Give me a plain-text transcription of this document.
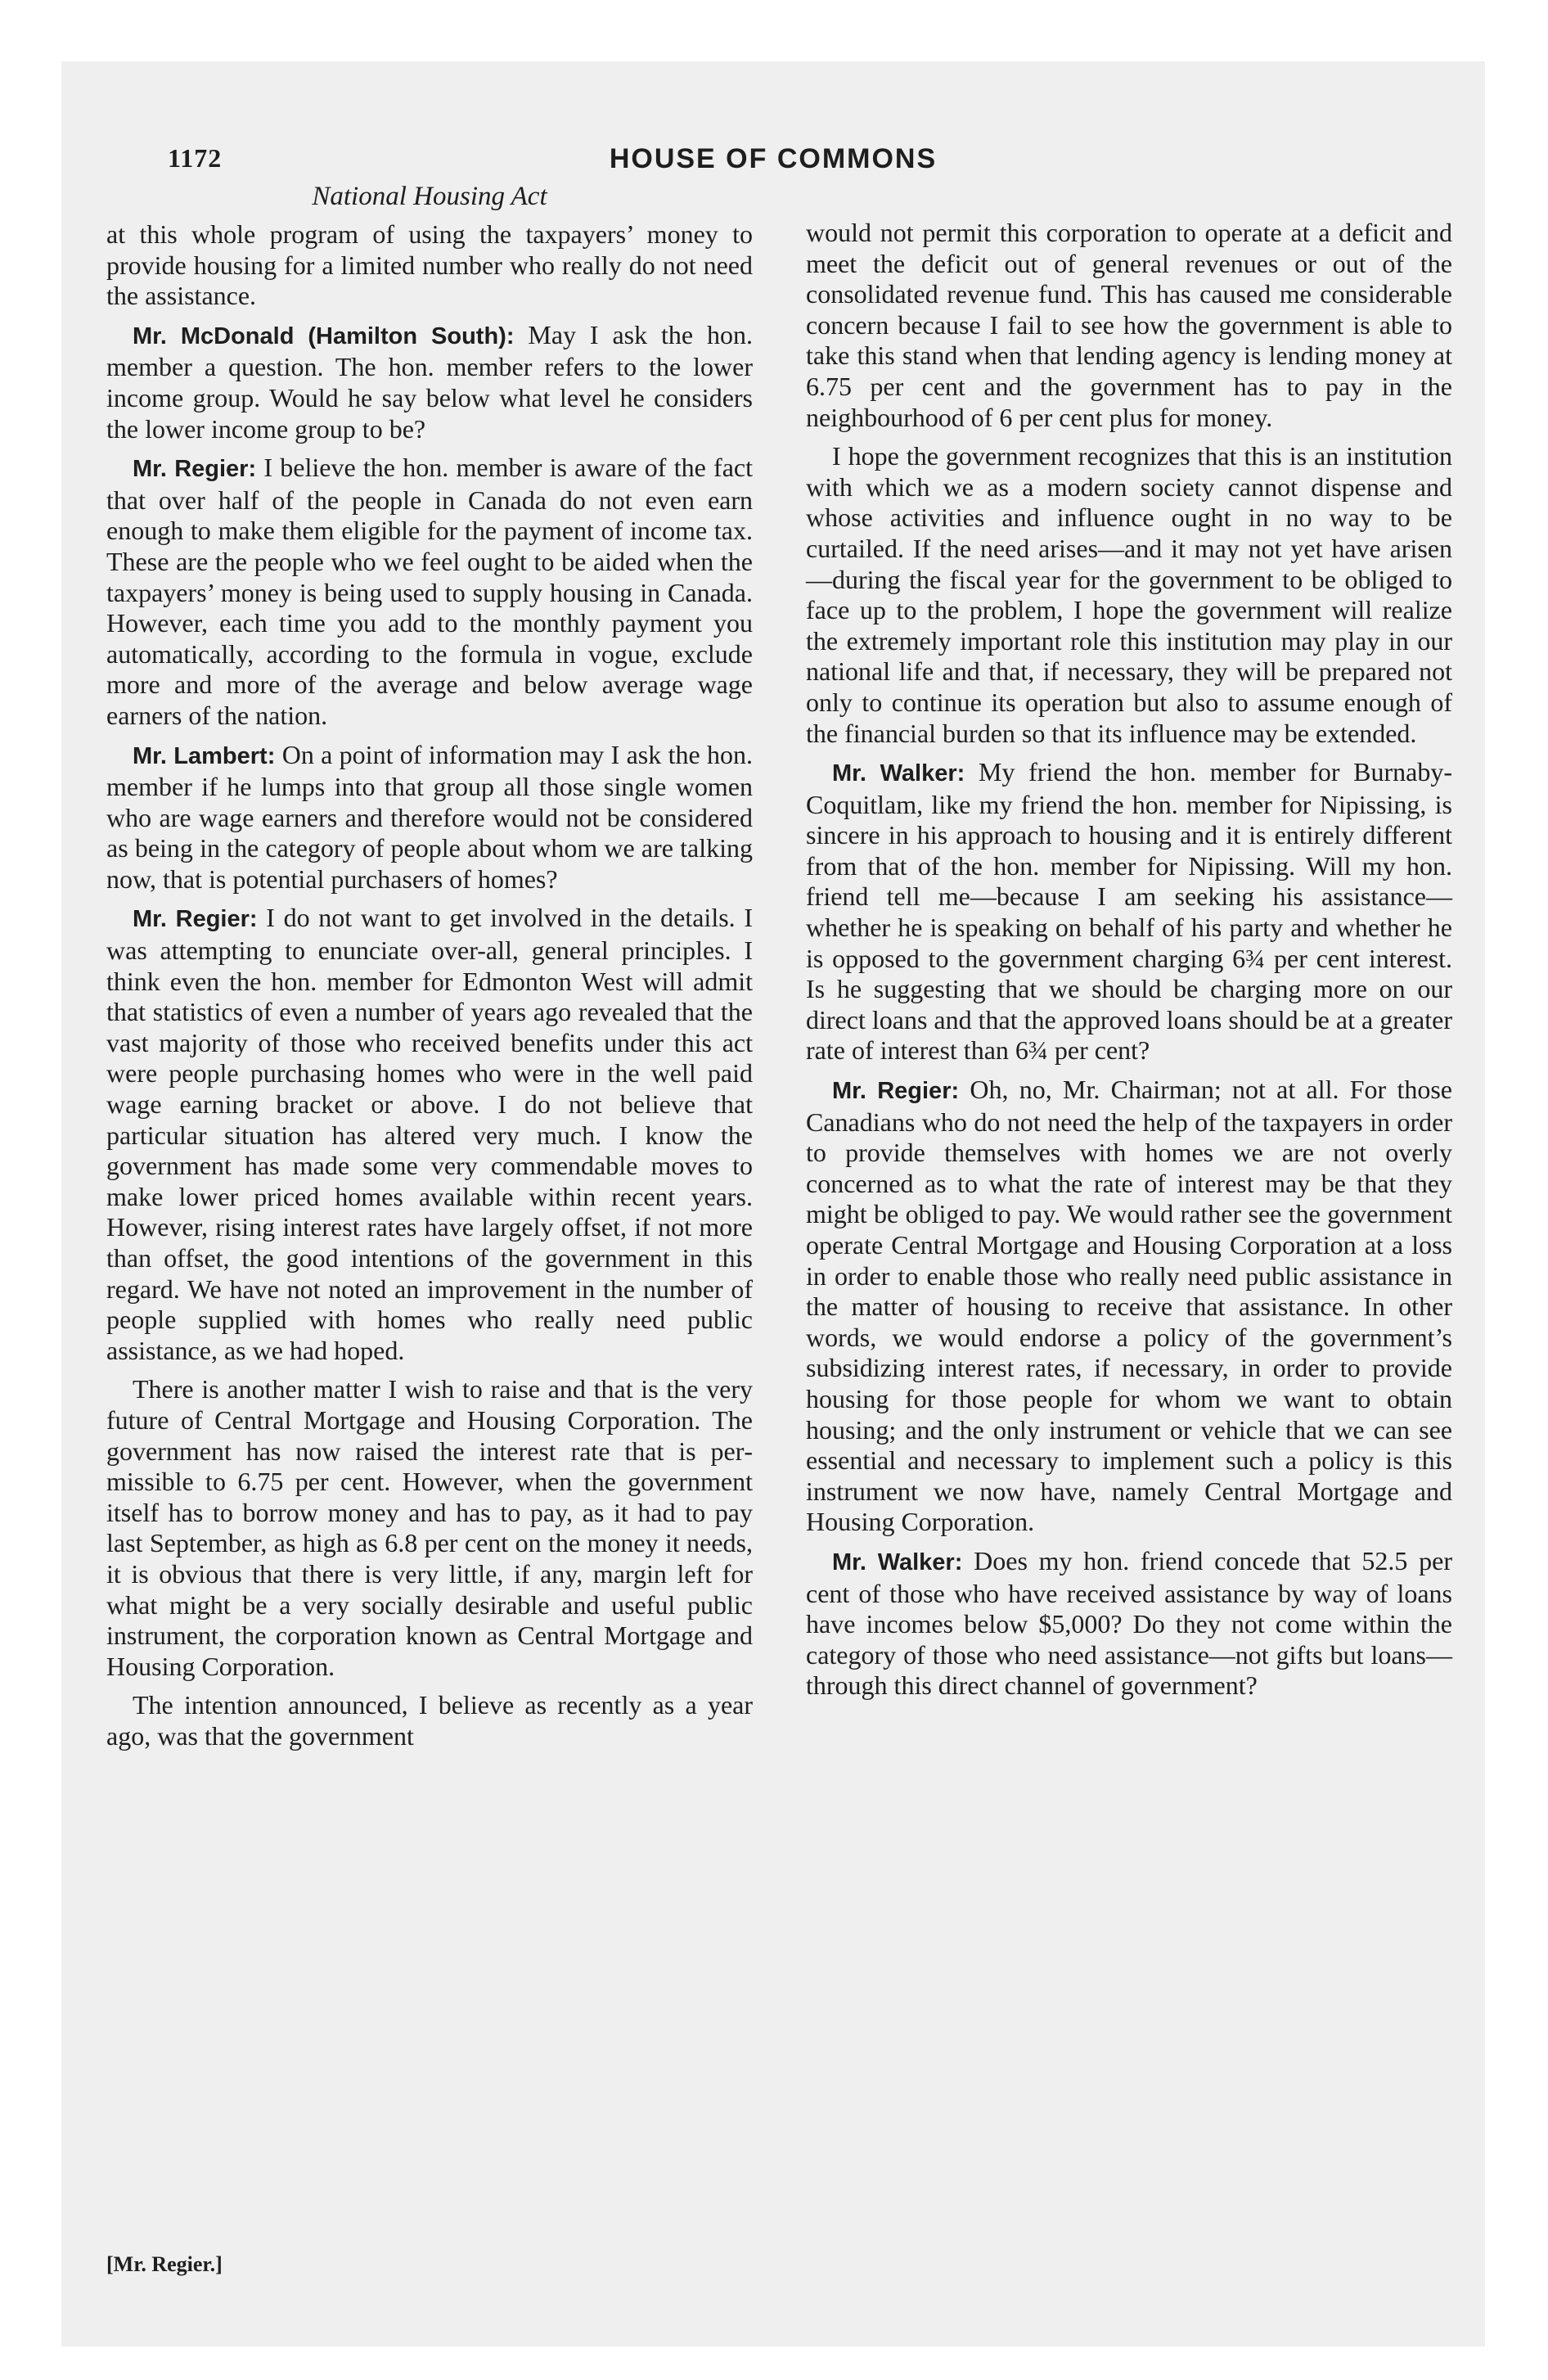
1172	HOUSE OF COMMONS
National Housing Act

at this whole program of using the taxpayers’ money to provide housing for a limited number who really do not need the assistance.

Mr. McDonald (Hamilton South): May I ask the hon. member a question. The hon. member refers to the lower income group. Would he say below what level he considers the lower income group to be?

Mr. Regier: I believe the hon. member is aware of the fact that over half of the people in Canada do not even earn enough to make them eligible for the payment of income tax. These are the people who we feel ought to be aided when the taxpayers’ money is being used to supply housing in Canada. However, each time you add to the monthly payment you automatically, according to the formula in vogue, exclude more and more of the average and below average wage earners of the nation.

Mr. Lambert: On a point of information may I ask the hon. member if he lumps into that group all those single women who are wage earners and therefore would not be considered as being in the category of people about whom we are talking now, that is potential purchasers of homes?

Mr. Regier: I do not want to get involved in the details. I was attempting to enunciate over-all, general principles. I think even the hon. member for Edmonton West will admit that statistics of even a number of years ago revealed that the vast majority of those who received benefits under this act were people purchasing homes who were in the well paid wage earning bracket or above. I do not believe that particular situation has altered very much. I know the government has made some very commendable moves to make lower priced homes available within recent years. However, rising interest rates have largely offset, if not more than offset, the good intentions of the government in this regard. We have not noted an improvement in the number of people supplied with homes who really need public assistance, as we had hoped.

There is another matter I wish to raise and that is the very future of Central Mortgage and Housing Corporation. The government has now raised the interest rate that is permissible to 6.75 per cent. However, when the government itself has to borrow money and has to pay, as it had to pay last September, as high as 6.8 per cent on the money it needs, it is obvious that there is very little, if any, margin left for what might be a very socially desirable and useful public instrument, the corporation known as Central Mortgage and Housing Corporation.

The intention announced, I believe as recently as a year ago, was that the government

would not permit this corporation to operate at a deficit and meet the deficit out of general revenues or out of the consolidated revenue fund. This has caused me considerable concern because I fail to see how the government is able to take this stand when that lending agency is lending money at 6.75 per cent and the government has to pay in the neighbourhood of 6 per cent plus for money.

I hope the government recognizes that this is an institution with which we as a modern society cannot dispense and whose activities and influence ought in no way to be curtailed. If the need arises—and it may not yet have arisen—during the fiscal year for the government to be obliged to face up to the problem, I hope the government will realize the extremely important role this institution may play in our national life and that, if necessary, they will be prepared not only to continue its operation but also to assume enough of the financial burden so that its influence may be extended.

Mr. Walker: My friend the hon. member for Burnaby-Coquitlam, like my friend the hon. member for Nipissing, is sincere in his approach to housing and it is entirely different from that of the hon. member for Nipissing. Will my hon. friend tell me—because I am seeking his assistance—whether he is speaking on behalf of his party and whether he is opposed to the government charging 6¾ per cent interest. Is he suggesting that we should be charging more on our direct loans and that the approved loans should be at a greater rate of interest than 6¾ per cent?

Mr. Regier: Oh, no, Mr. Chairman; not at all. For those Canadians who do not need the help of the taxpayers in order to provide themselves with homes we are not overly concerned as to what the rate of interest may be that they might be obliged to pay. We would rather see the government operate Central Mortgage and Housing Corporation at a loss in order to enable those who really need public assistance in the matter of housing to receive that assistance. In other words, we would endorse a policy of the government’s subsidizing interest rates, if necessary, in order to provide housing for those people for whom we want to obtain housing; and the only instrument or vehicle that we can see essential and necessary to implement such a policy is this instrument we now have, namely Central Mortgage and Housing Corporation.

Mr. Walker: Does my hon. friend concede that 52.5 per cent of those who have received assistance by way of loans have incomes below $5,000? Do they not come within the category of those who need assistance—not gifts but loans—through this direct channel of government?

[Mr. Regier.]
